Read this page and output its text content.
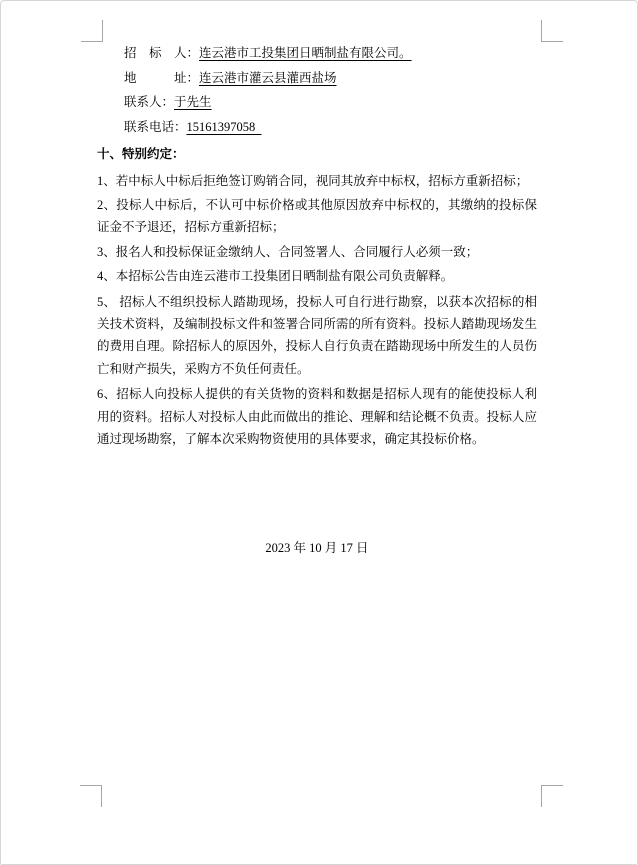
招　标　人：连云港市工投集团日晒制盐有限公司。

地　　　址：连云港市灌云县灌西盐场

联系人：于先生

联系电话：15161397058

十、特别约定：

1、若中标人中标后拒绝签订购销合同，视同其放弃中标权，招标方重新招标；

2、投标人中标后，不认可中标价格或其他原因放弃中标权的，其缴纳的投标保证金不予退还，招标方重新招标；

3、报名人和投标保证金缴纳人、合同签署人、合同履行人必须一致；

4、本招标公告由连云港市工投集团日晒制盐有限公司负责解释。

5、 招标人不组织投标人踏勘现场，投标人可自行进行勘察，以获本次招标的相关技术资料，及编制投标文件和签署合同所需的所有资料。投标人踏勘现场发生的费用自理。除招标人的原因外，投标人自行负责在踏勘现场中所发生的人员伤亡和财产损失，采购方不负任何责任。

6、招标人向投标人提供的有关货物的资料和数据是招标人现有的能使投标人利用的资料。招标人对投标人由此而做出的推论、理解和结论概不负责。投标人应通过现场勘察，了解本次采购物资使用的具体要求，确定其投标价格。

2023 年 10 月 17 日
